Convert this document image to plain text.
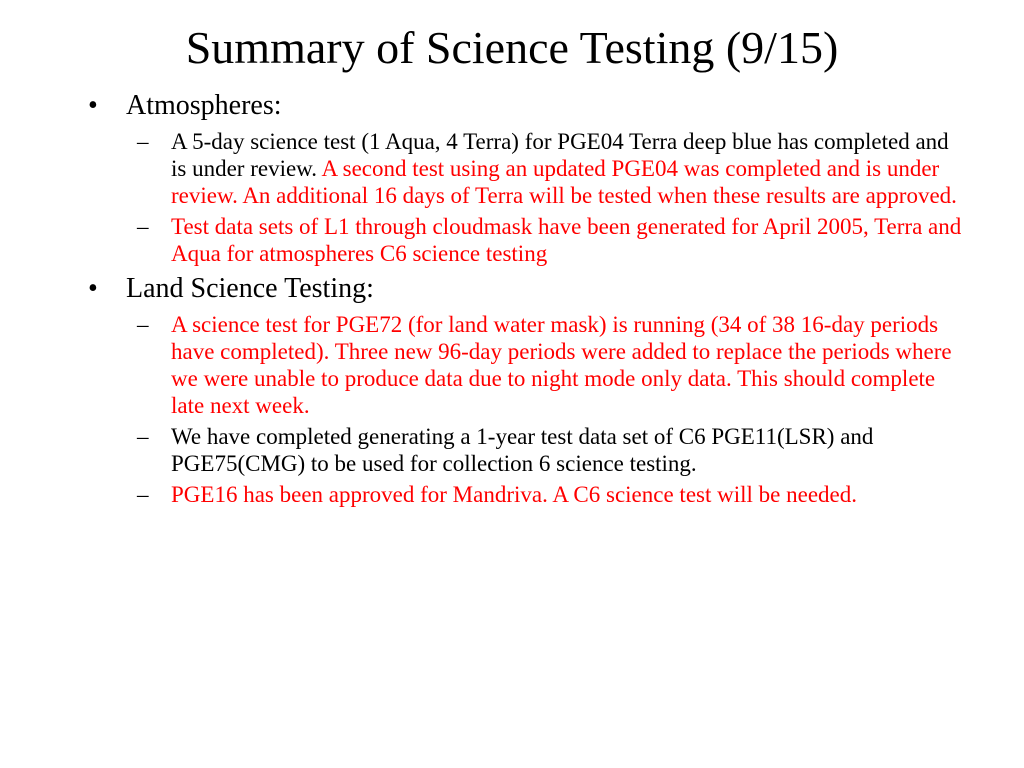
Summary of Science Testing (9/15)
• Atmospheres:
– A 5-day science test (1 Aqua, 4 Terra) for PGE04 Terra deep blue has completed and is under review. A second test using an updated PGE04 was completed and is under review. An additional 16 days of Terra will be tested when these results are approved.
– Test data sets of L1 through cloudmask have been generated for April 2005, Terra and Aqua for atmospheres C6 science testing
• Land Science Testing:
– A science test for PGE72 (for land water mask) is running (34 of 38 16-day periods have completed). Three new 96-day periods were added to replace the periods where we were unable to produce data due to night mode only data. This should complete late next week.
– We have completed generating a 1-year test data set of C6 PGE11(LSR) and PGE75(CMG) to be used for collection 6 science testing.
– PGE16 has been approved for Mandriva. A C6 science test will be needed.
